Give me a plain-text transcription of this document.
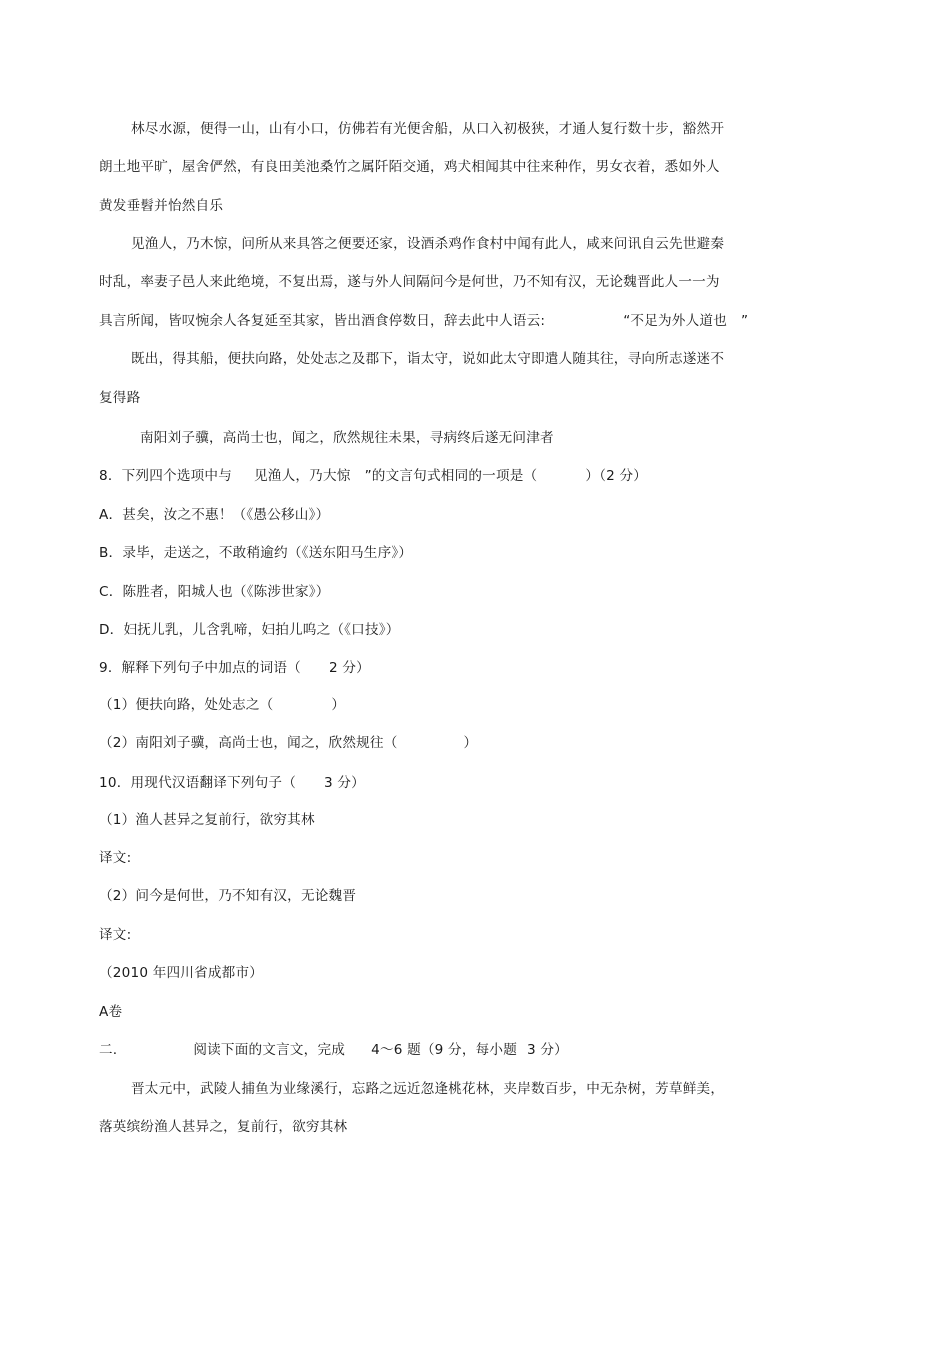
林尽水源，便得一山，山有小口，仿佛若有光便舍船，从口入初极狭，才通人复行数十步，豁然开
朗土地平旷，屋舍俨然，有良田美池桑竹之属阡陌交通，鸡犬相闻其中往来种作，男女衣着，悉如外人
黄发垂髫并怡然自乐
见渔人，乃木惊，问所从来具答之便要还家，设酒杀鸡作食村中闻有此人，咸来问讯自云先世避秦
时乱，率妻子邑人来此绝境，不复出焉，遂与外人间隔问今是何世，乃不知有汉，无论魏晋此人一一为
具言所闻，皆叹惋余人各复延至其家，皆出酒食停数日，辞去此中人语云:	“不足为外人道也 ”
既出，得其船，便扶向路，处处志之及郡下，诣太守，说如此太守即遣人随其往，寻向所志遂迷不
复得路
南阳刘子骥，高尚士也，闻之，欣然规往未果，寻病终后遂无问津者
8．下列四个选项中与 见渔人，乃大惊 ”的文言句式相同的一项是（	）（2 分）
A．甚矣，汝之不惠！（《愚公移山》）
B．录毕，走送之，不敢稍逾约（《送东阳马生序》）
C．陈胜者，阳城人也（《陈涉世家》）
D．妇抚儿乳，儿含乳啼，妇拍儿呜之（《口技》）
9．解释下列句子中加点的词语（ 2 分）
（1）便扶向路，处处志之（	）
（2）南阳刘子骥，高尚士也，闻之，欣然规往（	）
10．用现代汉语翻译下列句子（ 3 分）
（1）渔人甚异之复前行，欲穷其林
译文:
（2）问今是何世，乃不知有汉，无论魏晋
译文:
（2010 年四川省成都市）
A卷
二.	阅读下面的文言文，完成 4～6 题（9 分，每小题 3 分）
晋太元中，武陵人捕鱼为业缘溪行，忘路之远近忽逢桃花林，夹岸数百步，中无杂树，芳草鲜美，
落英缤纷渔人甚异之，复前行，欲穷其林
